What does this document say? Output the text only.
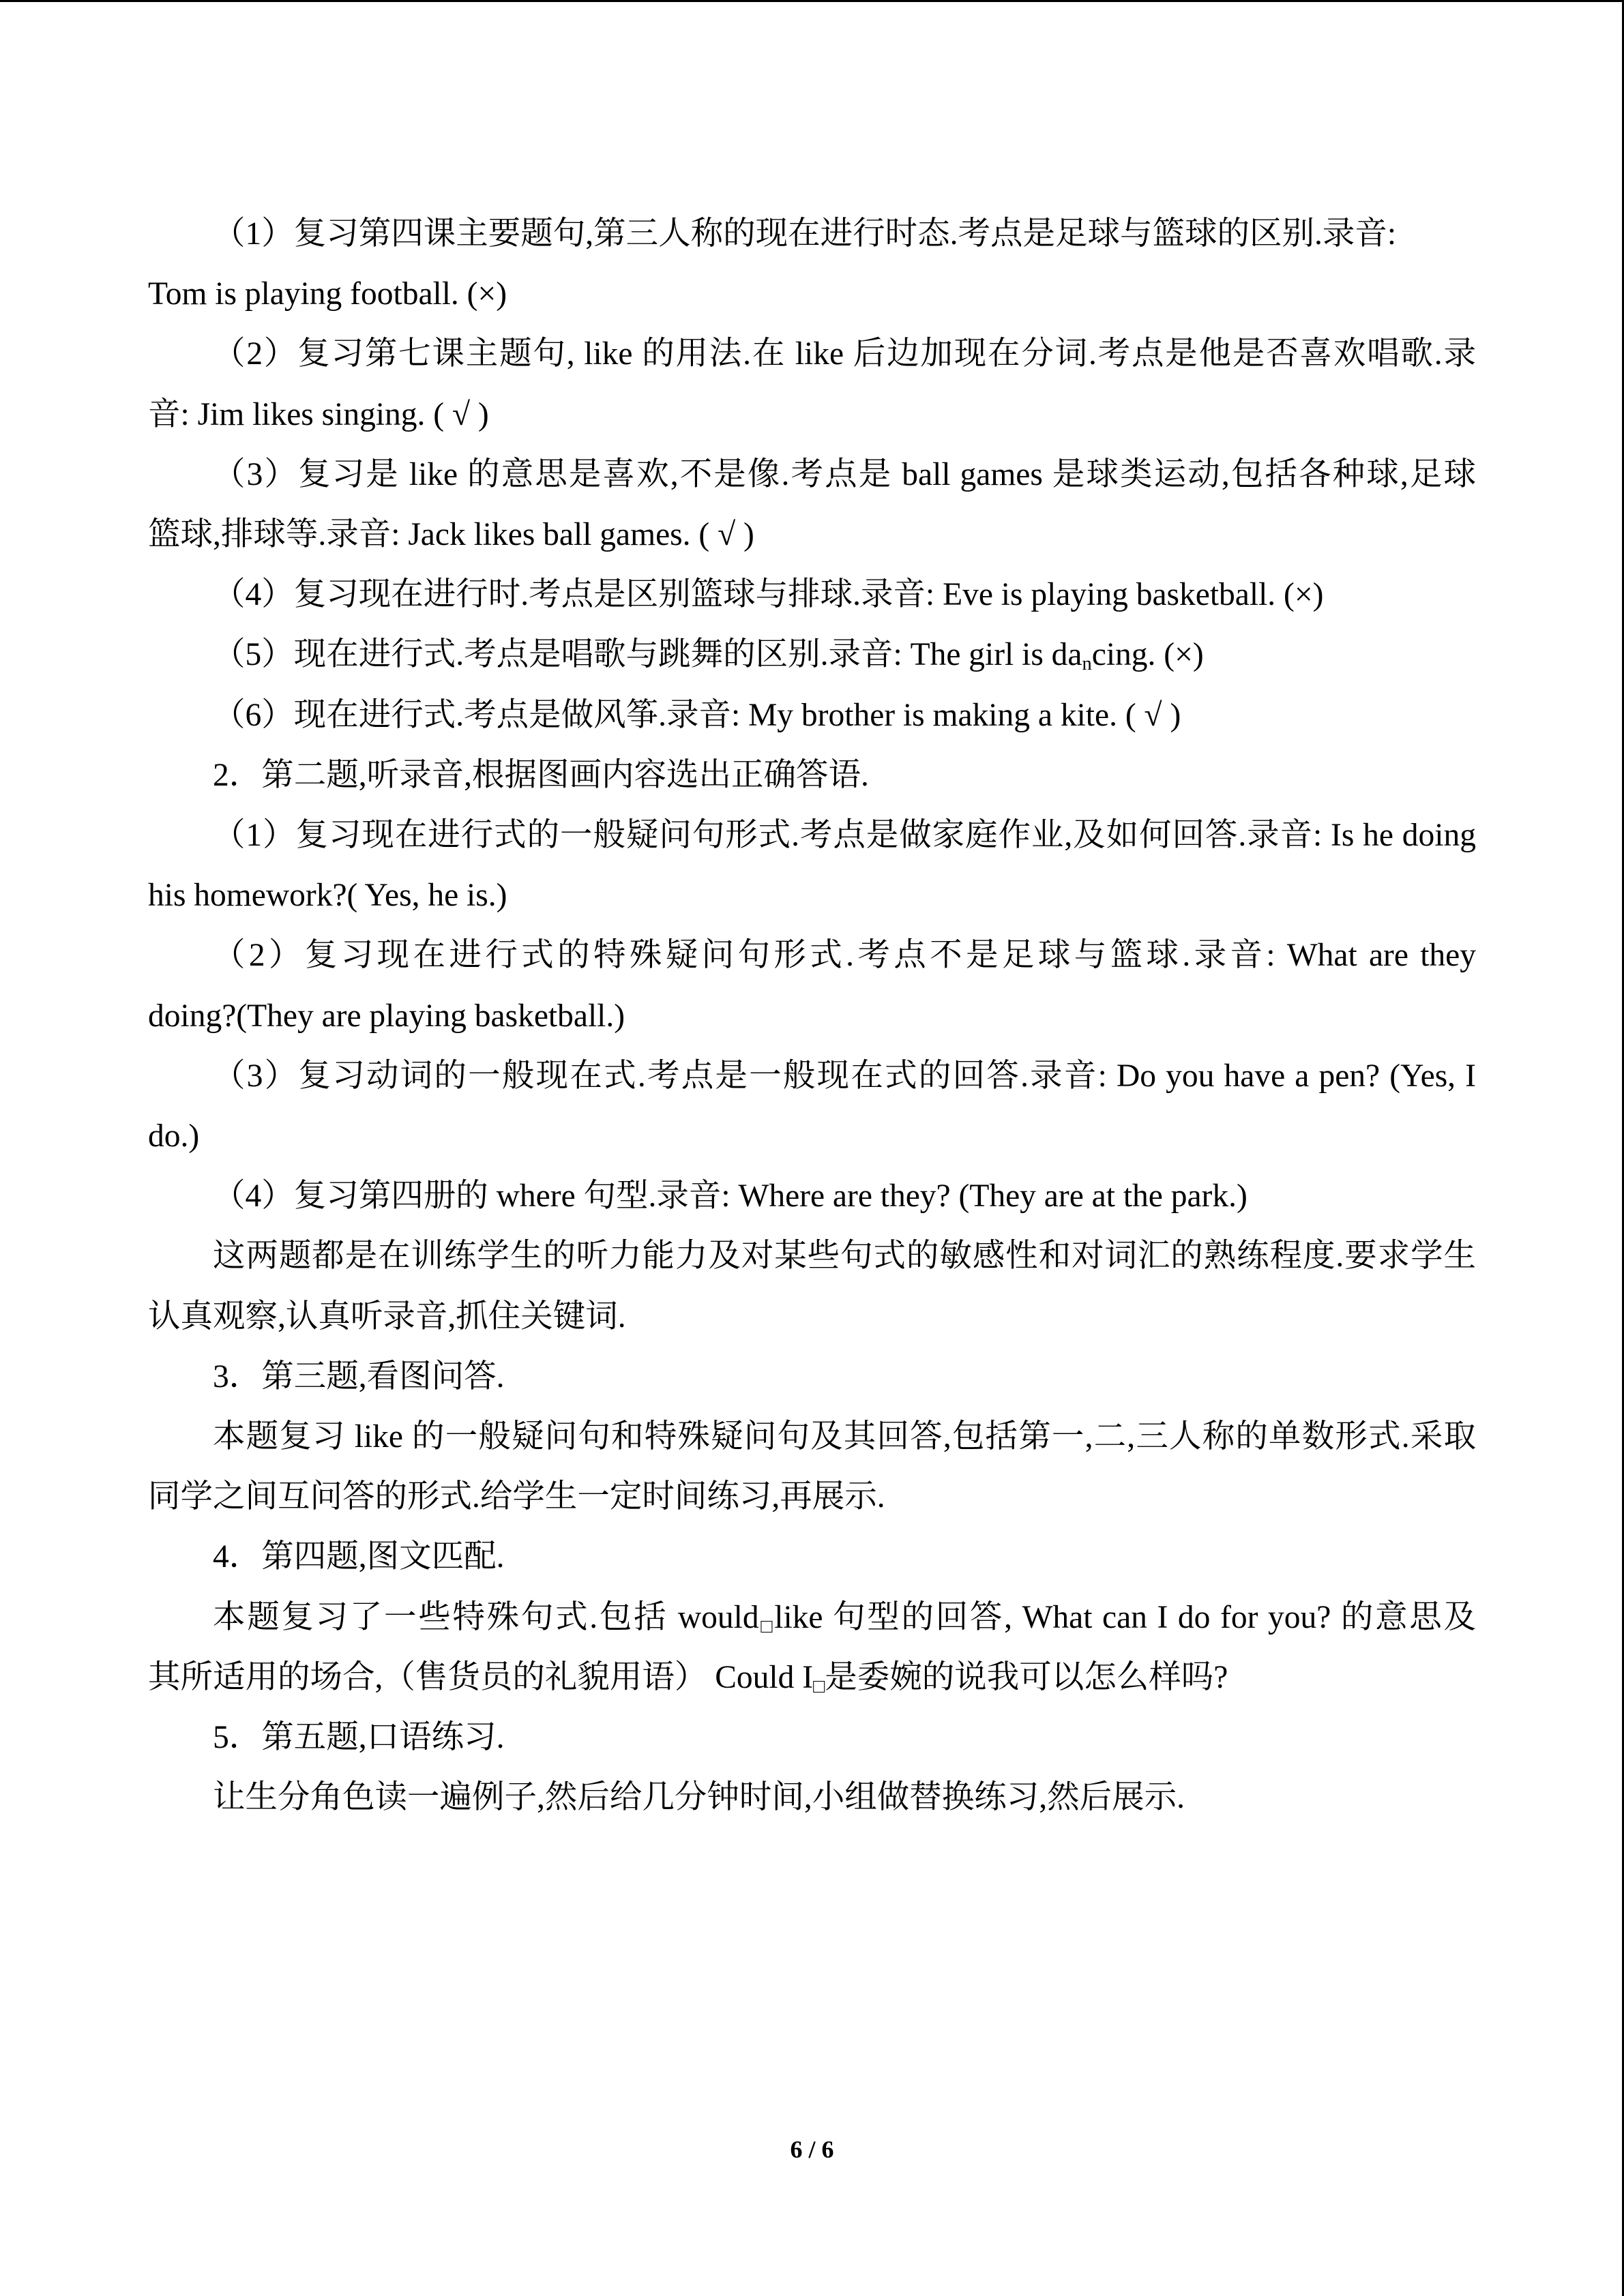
（1）复习第四课主要题句,第三人称的现在进行时态.考点是足球与篮球的区别.录音:
Tom is playing football. (×)
（2）复习第七课主题句, like 的用法.在 like 后边加现在分词.考点是他是否喜欢唱歌.录
音: Jim likes singing. ( √ )
（3）复习是 like 的意思是喜欢,不是像.考点是 ball games 是球类运动,包括各种球,足球
篮球,排球等.录音: Jack likes ball games. ( √ )
（4）复习现在进行时.考点是区别篮球与排球.录音: Eve is playing basketball. (×)
（5）现在进行式.考点是唱歌与跳舞的区别.录音: The girl is $da_ncing$. (×)
（6）现在进行式.考点是做风筝.录音: My brother is making a kite. ( √ )
2．第二题,听录音,根据图画内容选出正确答语.
（1）复习现在进行式的一般疑问句形式.考点是做家庭作业,及如何回答.录音: Is he doing
his homework?( Yes, he is.)
（2）复习现在进行式的特殊疑问句形式.考点不是足球与篮球.录音: What are they
doing?(They are playing basketball.)
（3）复习动词的一般现在式.考点是一般现在式的回答.录音: Do you have a pen? (Yes, I
do.)
（4）复习第四册的 where 句型.录音: Where are they? (They are at the park.)
这两题都是在训练学生的听力能力及对某些句式的敏感性和对词汇的熟练程度.要求学生
认真观察,认真听录音,抓住关键词.
3．第三题,看图问答.
本题复习 like 的一般疑问句和特殊疑问句及其回答,包括第一,二,三人称的单数形式.采取
同学之间互问答的形式.给学生一定时间练习,再展示.
4．第四题,图文匹配.
本题复习了一些特殊句式.包括 would$_□$like 句型的回答, What can I do for you? 的意思及
其所适用的场合,（售货员的礼貌用语） Could $I_□$是委婉的说我可以怎么样吗?
5．第五题,口语练习.
让生分角色读一遍例子,然后给几分钟时间,小组做替换练习,然后展示.
6 / 6
